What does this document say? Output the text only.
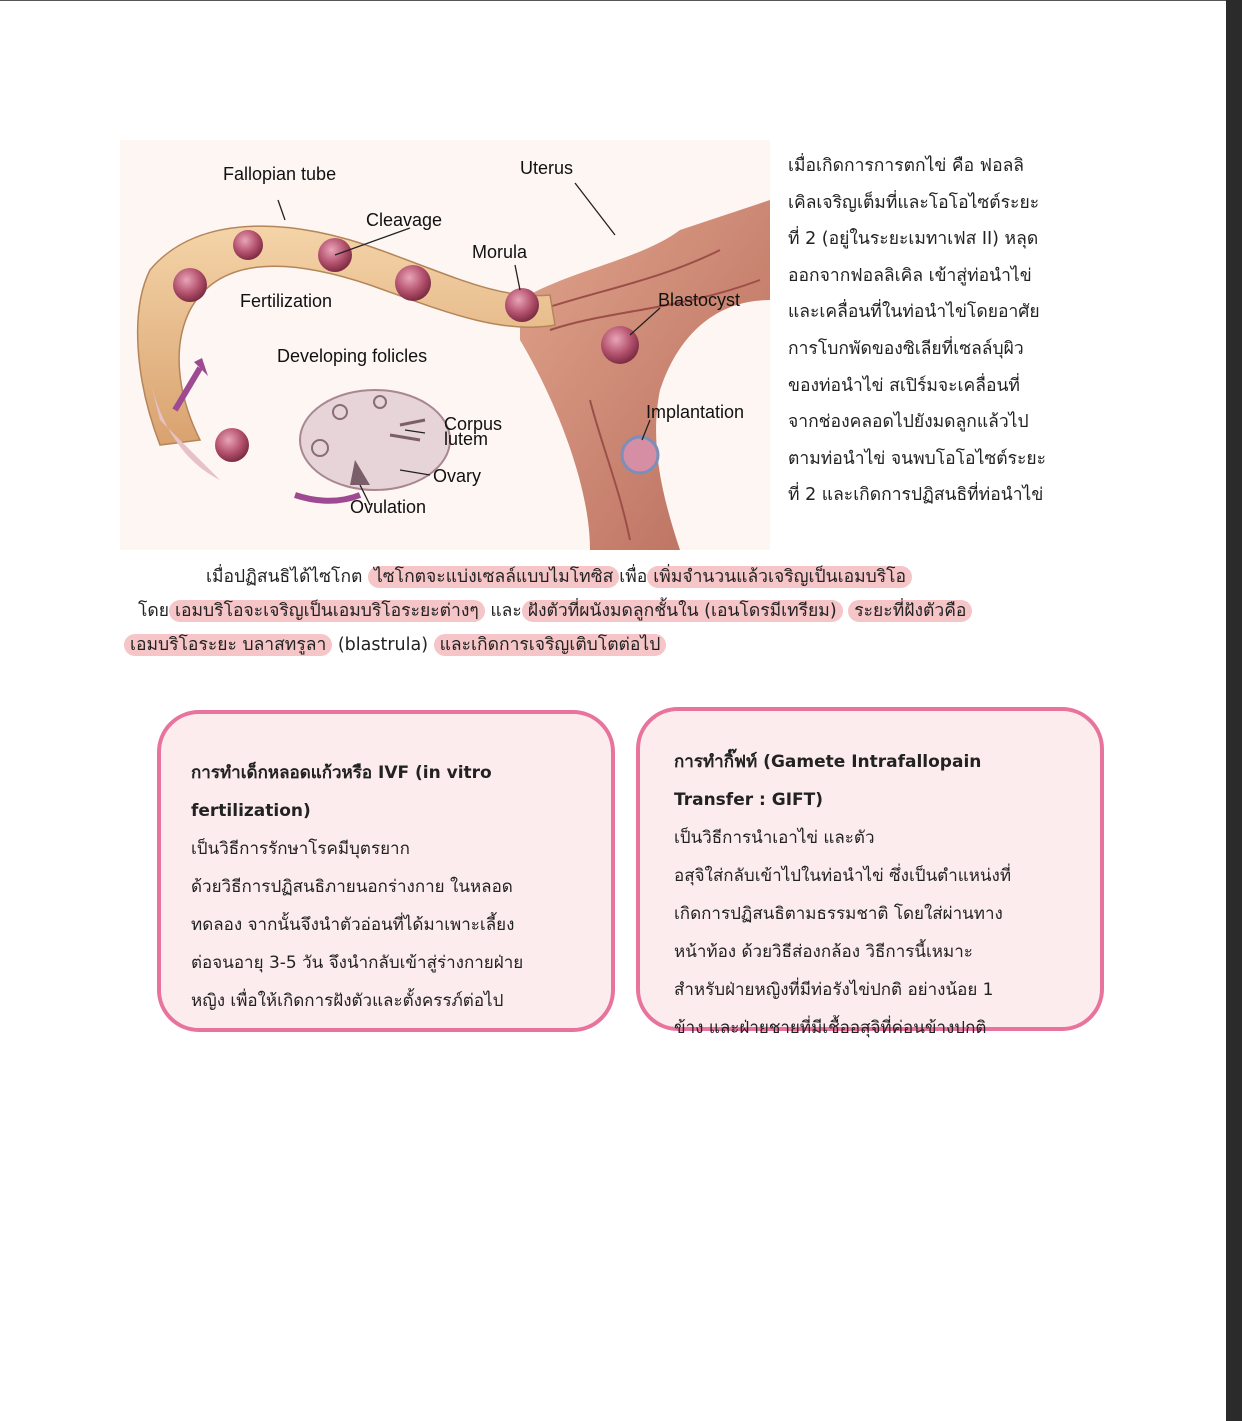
Fallopian tube
Cleavage
Uterus
Morula
Fertilization	Blastocyst
Developing folicles
Implantation
Corpus
lutem
Ovary
Ovulation
เมื่อเกิดการการตกไข่ คือ ฟอลลิ
เคิลเจริญเต็มที่และโอโอไซต์ระยะ
ที่ 2 (อยู่ในระยะเมทาเฟส II) หลุด
ออกจากฟอลลิเคิล เข้าสู่ท่อนำไข่
และเคลื่อนที่ในท่อนำไข่โดยอาศัย
การโบกพัดของซิเลียที่เซลล์บุผิว
ของท่อนำไข่ สเปิร์มจะเคลื่อนที่
จากช่องคลอดไปยังมดลูกแล้วไป
ตามท่อนำไข่ จนพบโอโอไซต์ระยะ
ที่ 2 และเกิดการปฏิสนธิที่ท่อนำไข่
เมื่อปฏิสนธิได้ไซโกต ไซโกตจะแบ่งเซลล์แบบไมโทซิส เพื่อ เพิ่มจำนวนแล้วเจริญเป็นเอมบริโอ
โดย เอมบริโอจะเจริญเป็นเอมบริโอระยะต่างๆ และ ฝังตัวที่ผนังมดลูกชั้นใน (เอนโดรมีเทรียม) ระยะที่ฝังตัวคือ
เอมบริโอระยะ บลาสทรูลา (blastrula) และเกิดการเจริญเติบโตต่อไป
การทำเด็กหลอดแก้วหรือ IVF (in vitro
fertilization)
เป็นวิธีการรักษาโรคมีบุตรยาก
ด้วยวิธีการปฏิสนธิภายนอกร่างกาย ในหลอด
ทดลอง จากนั้นจึงนำตัวอ่อนที่ได้มาเพาะเลี้ยง
ต่อจนอายุ 3-5 วัน จึงนำกลับเข้าสู่ร่างกายฝ่าย
หญิง เพื่อให้เกิดการฝังตัวและตั้งครรภ์ต่อไป
การทำกิ๊ฟท์ (Gamete Intrafallopain
Transfer : GIFT)
เป็นวิธีการนำเอาไข่ และตัว
อสุจิใส่กลับเข้าไปในท่อนำไข่ ซึ่งเป็นตำแหน่งที่
เกิดการปฏิสนธิตามธรรมชาติ โดยใส่ผ่านทาง
หน้าท้อง ด้วยวิธีส่องกล้อง วิธีการนี้เหมาะ
สำหรับฝ่ายหญิงที่มีท่อรังไข่ปกติ อย่างน้อย 1
ข้าง และฝ่ายชายที่มีเชื้ออสุจิที่ค่อนข้างปกติ
